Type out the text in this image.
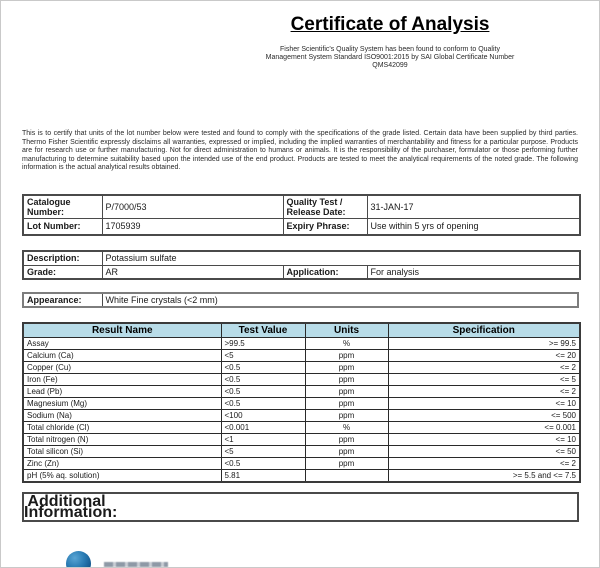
Certificate of Analysis
Fisher Scientific's Quality System has been found to conform to Quality
Management System Standard ISO9001:2015 by SAI Global Certificate Number
QMS42099
This is to certify that units of the lot number below were tested and found to comply with the specifications of the grade listed. Certain data have been supplied by third parties. Thermo Fisher Scientific expressly disclaims all warranties, expressed or implied, including the implied warranties of merchantability and fitness for a particular purpose. Products are for research use or further manufacturing. Not for direct administration to humans or animals. It is the responsibility of the purchaser, formulator or those performing further manufacturing to determine suitability based upon the intended use of the end product. Products are tested to meet the analytical requirements of the noted grade. The following information is the actual analytical results obtained.
Catalogue Number:	P/7000/53	Quality Test / Release Date:	31-JAN-17
Lot Number:	1705939	Expiry Phrase:	Use within 5 yrs of opening
Description:	Potassium sulfate		
Grade:	AR	Application:	For analysis
Appearance:	White Fine crystals (<2 mm)
Result Name	Test Value	Units	Specification
Assay	>99.5	%	>= 99.5
Calcium (Ca)	<5	ppm	<= 20
Copper (Cu)	<0.5	ppm	<= 2
Iron (Fe)	<0.5	ppm	<= 5
Lead (Pb)	<0.5	ppm	<= 2
Magnesium (Mg)	<0.5	ppm	<= 10
Sodium (Na)	<100	ppm	<= 500
Total chloride (Cl)	<0.001	%	<= 0.001
Total nitrogen (N)	<1	ppm	<= 10
Total silicon (Si)	<5	ppm	<= 50
Zinc (Zn)	<0.5	ppm	<= 2
pH (5% aq. solution)	5.81		>= 5.5 and <= 7.5
Additional Information:	
